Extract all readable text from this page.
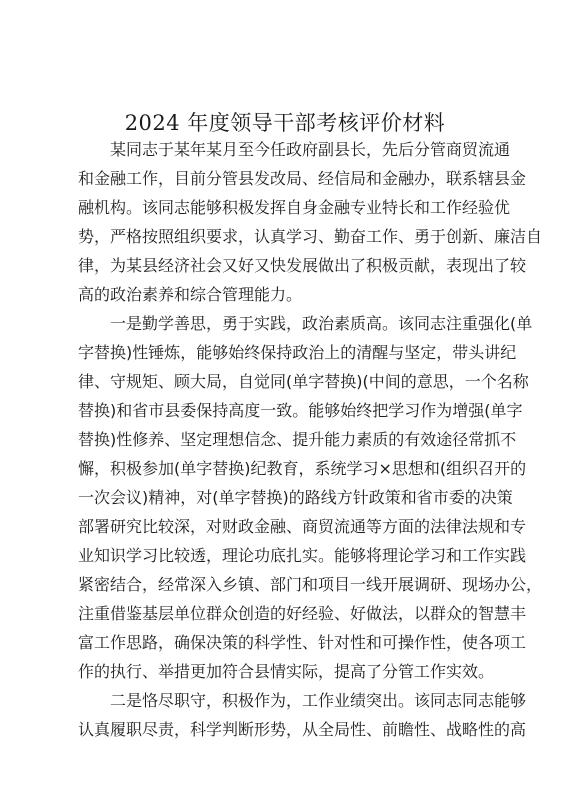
2024 年度领导干部考核评价材料
某同志于某年某月至今任政府副县长，先后分管商贸流通
和金融工作，目前分管县发改局、经信局和金融办，联系辖县金
融机构。该同志能够积极发挥自身金融专业特长和工作经验优
势，严格按照组织要求，认真学习、勤奋工作、勇于创新、廉洁自
律，为某县经济社会又好又快发展做出了积极贡献，表现出了较
高的政治素养和综合管理能力。
一是勤学善思，勇于实践，政治素质高。该同志注重强化(单
字替换)性锤炼，能够始终保持政治上的清醒与坚定，带头讲纪
律、守规矩、顾大局，自觉同(单字替换)(中间的意思，一个名称
替换)和省市县委保持高度一致。能够始终把学习作为增强(单字
替换)性修养、坚定理想信念、提升能力素质的有效途径常抓不
懈，积极参加(单字替换)纪教育，系统学习×思想和(组织召开的
一次会议)精神，对(单字替换)的路线方针政策和省市委的决策
部署研究比较深，对财政金融、商贸流通等方面的法律法规和专
业知识学习比较透，理论功底扎实。能够将理论学习和工作实践
紧密结合，经常深入乡镇、部门和项目一线开展调研、现场办公，
注重借鉴基层单位群众创造的好经验、好做法，以群众的智慧丰
富工作思路，确保决策的科学性、针对性和可操作性，使各项工
作的执行、举措更加符合县情实际，提高了分管工作实效。
二是恪尽职守，积极作为，工作业绩突出。该同志同志能够
认真履职尽责，科学判断形势，从全局性、前瞻性、战略性的高
